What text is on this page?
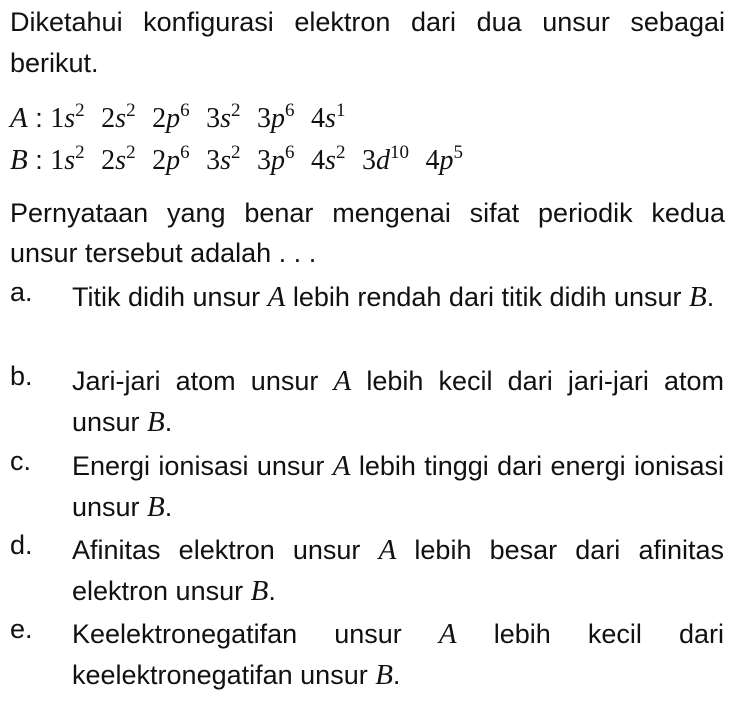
Diketahui konfigurasi elektron dari dua unsur sebagai berikut.
A : $1s^2$ $2s^2$ $2p^6$ $3s^2$ $3p^6$ $4s^1$
B : $1s^2$ $2s^2$ $2p^6$ $3s^2$ $3p^6$ $4s^2$ $3d^{10}$ $4p^5$
Pernyataan yang benar mengenai sifat periodik kedua unsur tersebut adalah . . .
a. Titik didih unsur A lebih rendah dari titik didih unsur B.
b. Jari-jari atom unsur A lebih kecil dari jari-jari atom unsur B.
c. Energi ionisasi unsur A lebih tinggi dari energi ionisasi unsur B.
d. Afinitas elektron unsur A lebih besar dari afinitas elektron unsur B.
e. Keelektronegatifan unsur A lebih kecil dari keelektronegatifan unsur B.
